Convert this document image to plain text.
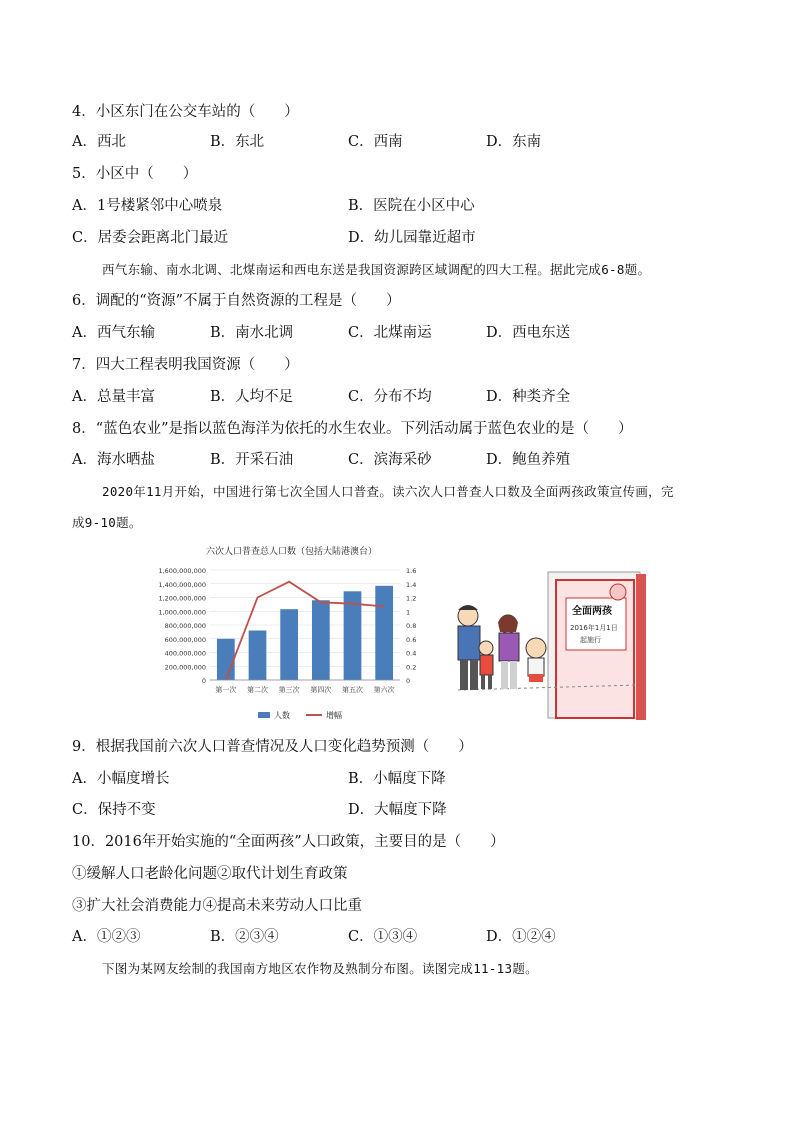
4．小区东门在公交车站的（　　）
A．西北	B．东北	C．西南	D．东南
5．小区中（　　）
A．1号楼紧邻中心喷泉	B．医院在小区中心
C．居委会距离北门最近	D．幼儿园靠近超市
西气东输、南水北调、北煤南运和西电东送是我国资源跨区域调配的四大工程。据此完成6-8题。
6．调配的“资源”不属于自然资源的工程是（　　）
A．西气东输	B．南水北调	C．北煤南运	D．西电东送
7．四大工程表明我国资源（　　）
A．总量丰富	B．人均不足	C．分布不均	D．种类齐全
8．“蓝色农业”是指以蓝色海洋为依托的水生农业。下列活动属于蓝色农业的是（　　）
A．海水晒盐	B．开采石油	C．滨海采砂	D．鲍鱼养殖
2020年11月开始，中国进行第七次全国人口普查。读六次人口普查人口数及全面两孩政策宣传画，完
成9-10题。
六次人口普查总人口数（包括大陆港澳台）
1,600,000,000	1.6
1,400,000,000	1.4
1,200,000,000	1.2
1,000,000,000	1
800,000,000	0.8
600,000,000	0.6
400,000,000	0.4
200,000,000	0.2
0	0
第一次 第二次 第三次 第四次 第五次 第六次
人数	增幅
全面两孩
2016年1月1日
起施行
9．根据我国前六次人口普查情况及人口变化趋势预测（　　）
A．小幅度增长	B．小幅度下降
C．保持不变	D．大幅度下降
10．2016年开始实施的“全面两孩”人口政策，主要目的是（　　）
①缓解人口老龄化问题②取代计划生育政策
③扩大社会消费能力④提高未来劳动人口比重
A．①②③	B．②③④	C．①③④	D．①②④
下图为某网友绘制的我国南方地区农作物及熟制分布图。读图完成11-13题。
